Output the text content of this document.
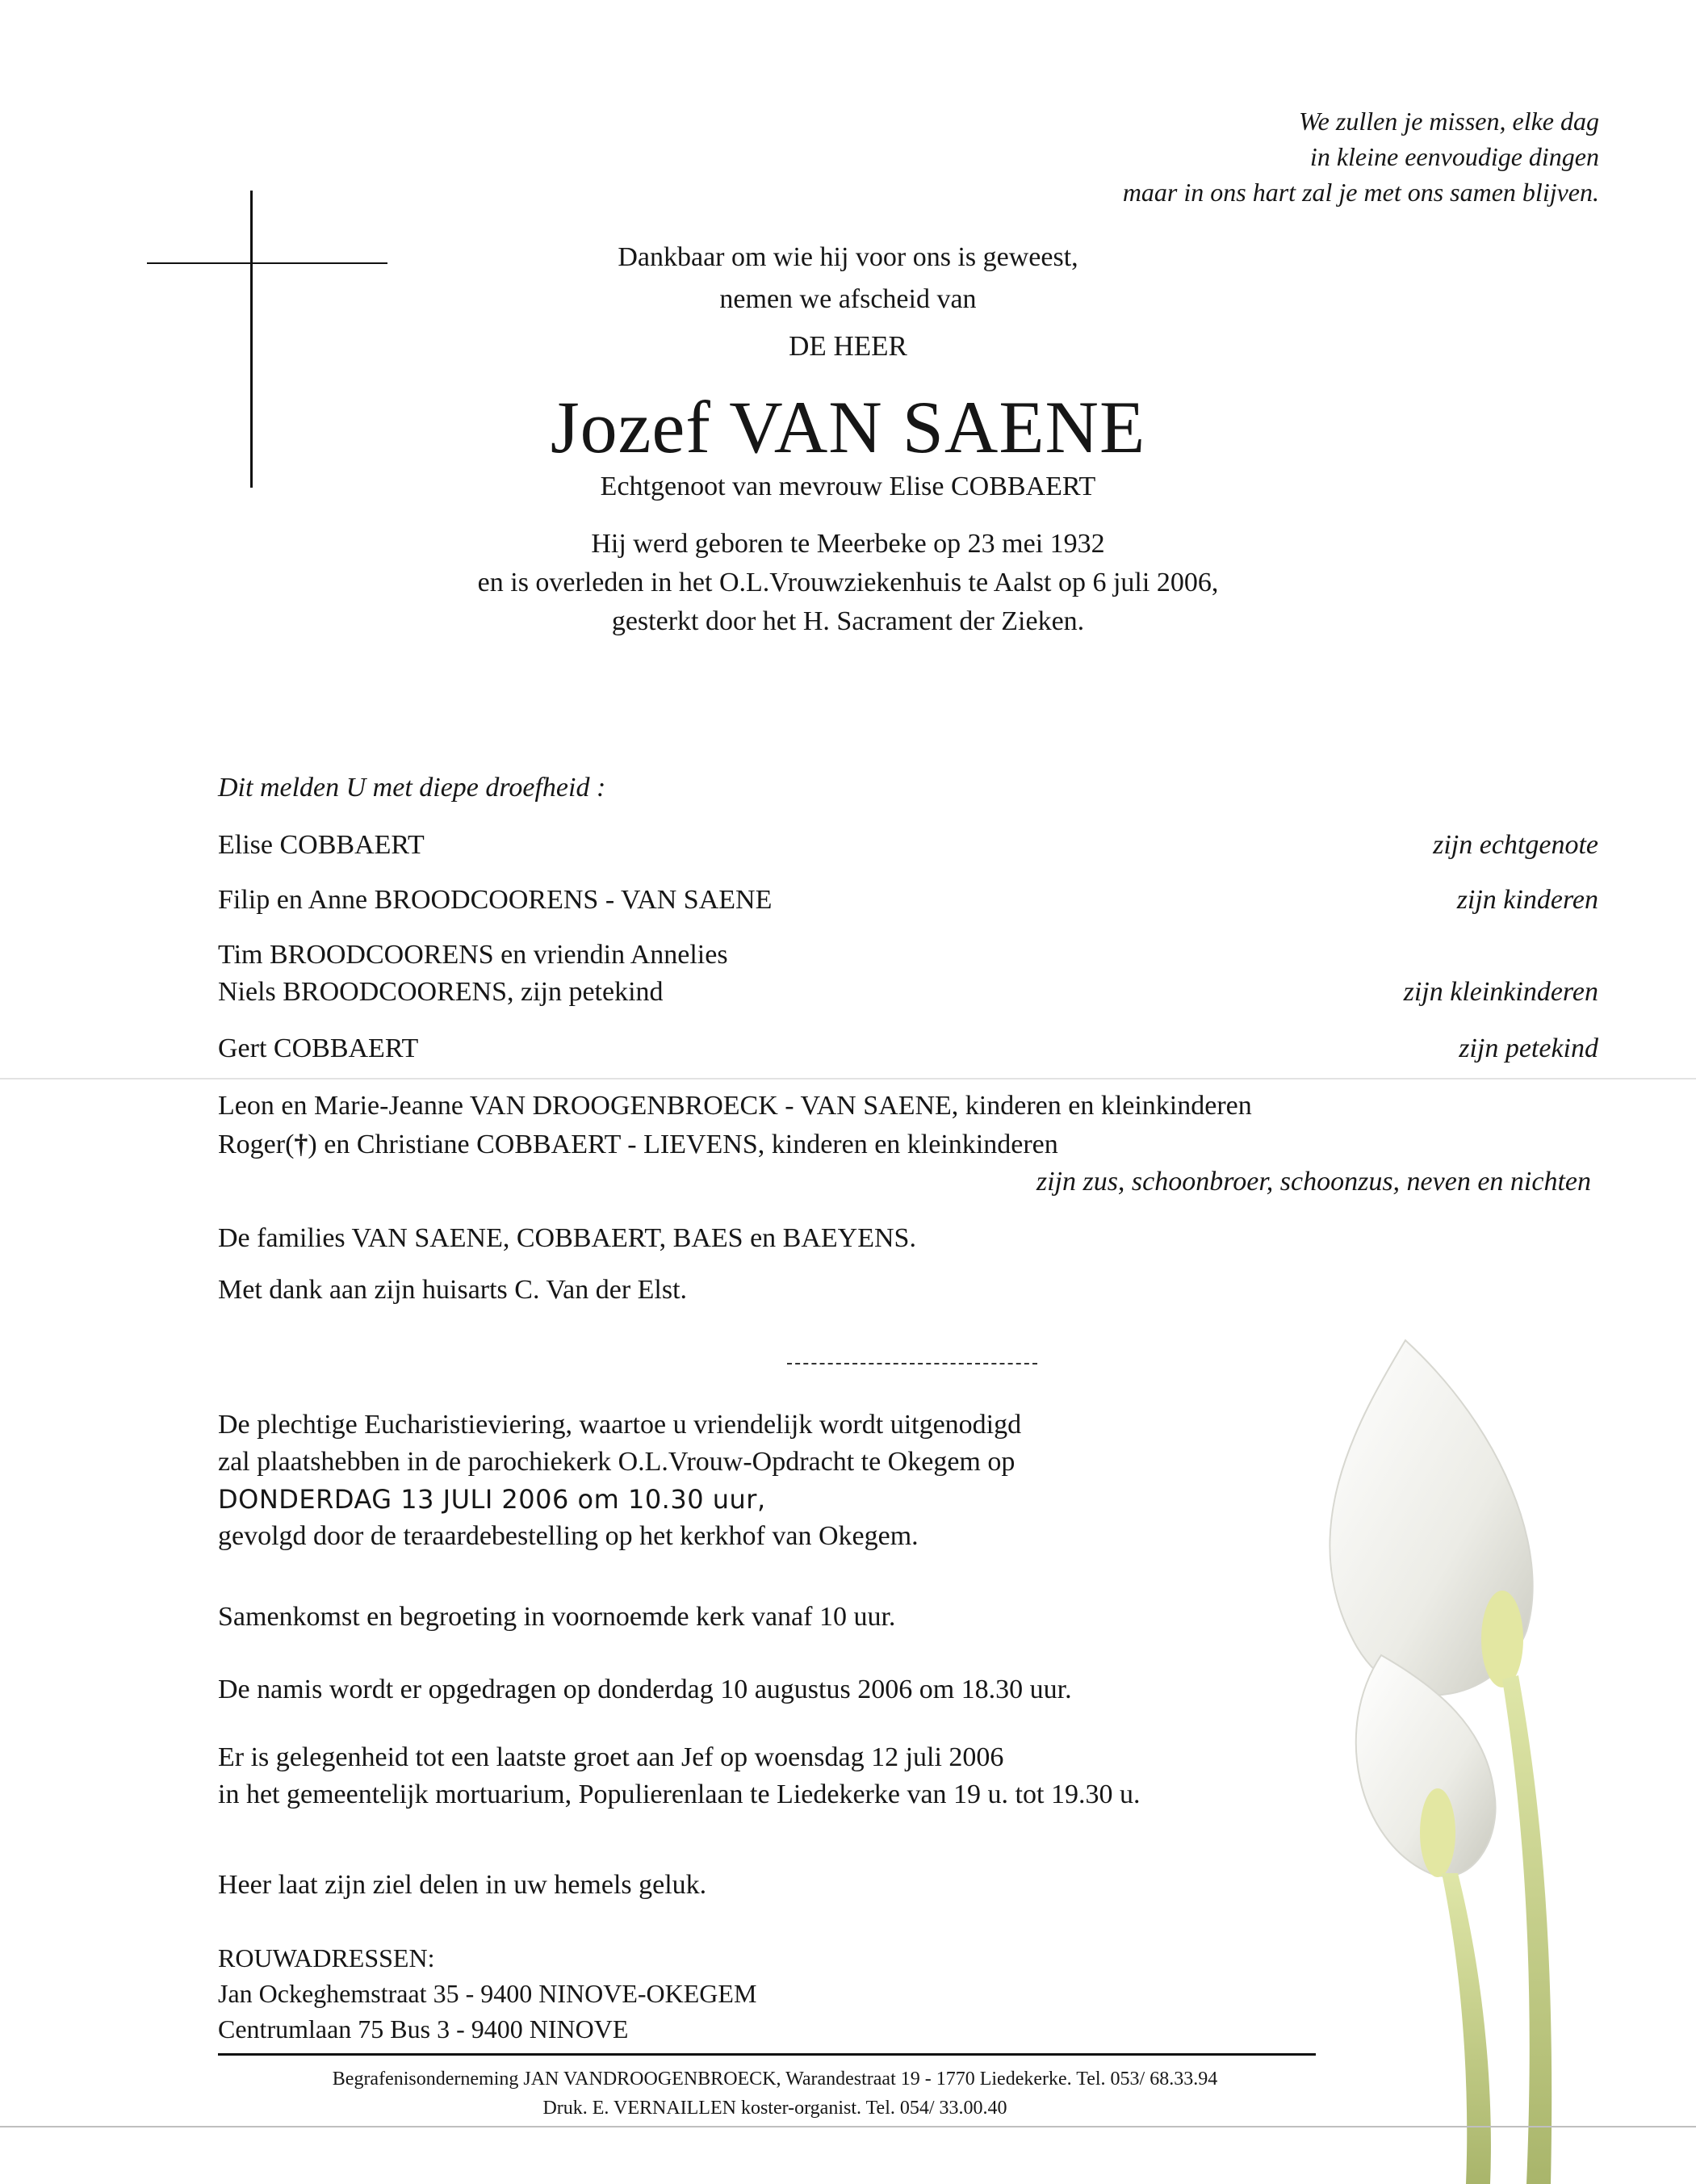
We zullen je missen, elke dag
in kleine eenvoudige dingen
maar in ons hart zal je met ons samen blijven.
Dankbaar om wie hij voor ons is geweest,
nemen we afscheid van
DE HEER
Jozef VAN SAENE
Echtgenoot van mevrouw Elise COBBAERT
Hij werd geboren te Meerbeke op 23 mei 1932
en is overleden in het O.L.Vrouwziekenhuis te Aalst op 6 juli 2006,
gesterkt door het H. Sacrament der Zieken.
Dit melden U met diepe droefheid :
Elise COBBAERT	zijn echtgenote
Filip en Anne BROODCOORENS - VAN SAENE	zijn kinderen
Tim BROODCOORENS en vriendin Annelies
Niels BROODCOORENS, zijn petekind	zijn kleinkinderen
Gert COBBAERT	zijn petekind
Leon en Marie-Jeanne VAN DROOGENBROECK - VAN SAENE, kinderen en kleinkinderen
Roger(†) en Christiane COBBAERT - LIEVENS, kinderen en kleinkinderen
zijn zus, schoonbroer, schoonzus, neven en nichten
De families VAN SAENE, COBBAERT, BAES en BAEYENS.
Met dank aan zijn huisarts C. Van der Elst.
De plechtige Eucharistieviering, waartoe u vriendelijk wordt uitgenodigd
zal plaatshebben in de parochiekerk O.L.Vrouw-Opdracht te Okegem op
DONDERDAG 13 JULI 2006 om 10.30 uur,
gevolgd door de teraardebestelling op het kerkhof van Okegem.
Samenkomst en begroeting in voornoemde kerk vanaf 10 uur.
De namis wordt er opgedragen op donderdag 10 augustus 2006 om 18.30 uur.
Er is gelegenheid tot een laatste groet aan Jef op woensdag 12 juli 2006
in het gemeentelijk mortuarium, Populierenlaan te Liedekerke van 19 u. tot 19.30 u.
Heer laat zijn ziel delen in uw hemels geluk.
ROUWADRESSEN:
Jan Ockeghemstraat 35 - 9400 NINOVE-OKEGEM
Centrumlaan 75 Bus 3 - 9400 NINOVE
Begrafenisonderneming JAN VANDROOGENBROECK, Warandestraat 19 - 1770 Liedekerke. Tel. 053/ 68.33.94
Druk. E. VERNAILLEN koster-organist. Tel. 054/ 33.00.40
